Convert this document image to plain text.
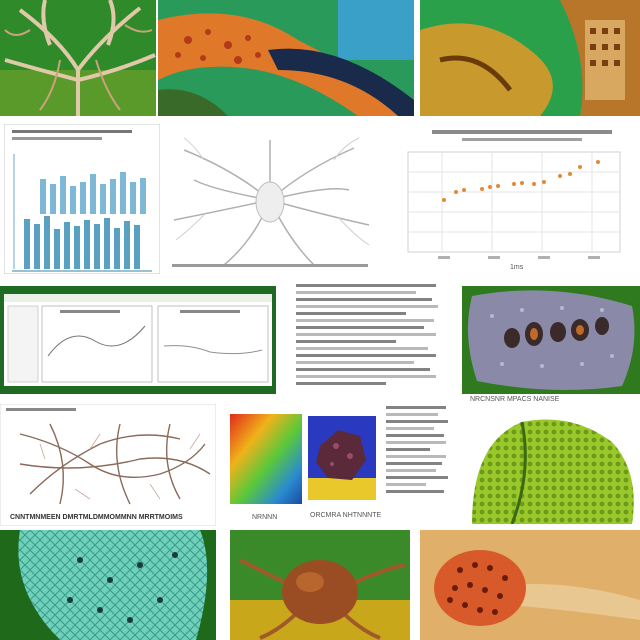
1ms
NRCNSNR MPACS NANISE
CNNTMNMEEN DMRTMLDMMOMMNN MRRTMOIMS	NRNNN	ORCMRA NHTNNNTE
